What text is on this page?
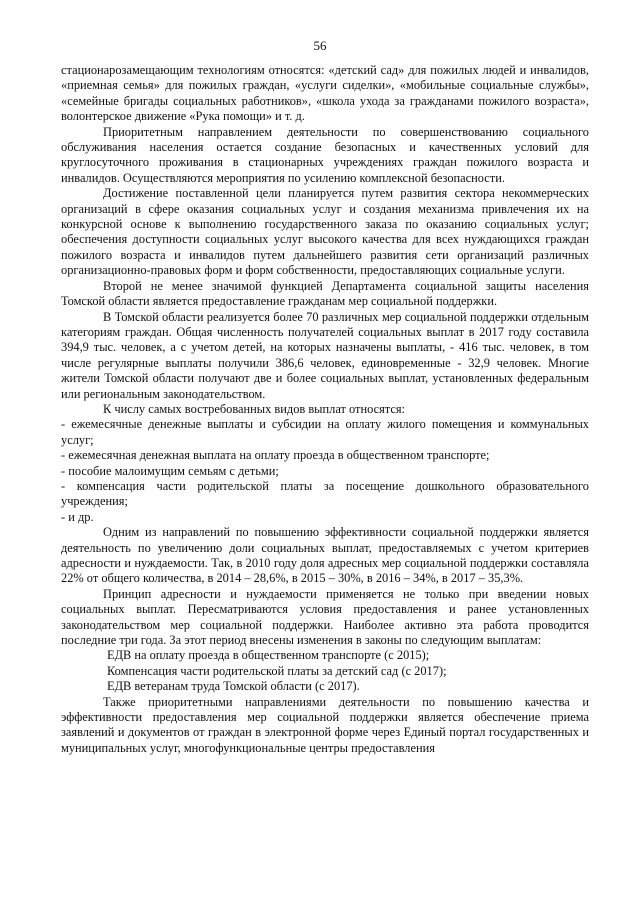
56

стационарозамещающим технологиям относятся: «детский сад» для пожилых людей и инвалидов, «приемная семья» для пожилых граждан, «услуги сиделки», «мобильные социальные службы», «семейные бригады социальных работников», «школа ухода за гражданами пожилого возраста», волонтерское движение «Рука помощи» и т. д.

Приоритетным направлением деятельности по совершенствованию социального обслуживания населения остается создание безопасных и качественных условий для круглосуточного проживания в стационарных учреждениях граждан пожилого возраста и инвалидов. Осуществляются мероприятия по усилению комплексной безопасности.

Достижение поставленной цели планируется путем развития сектора некоммерческих организаций в сфере оказания социальных услуг и создания механизма привлечения их на конкурсной основе к выполнению государственного заказа по оказанию социальных услуг; обеспечения доступности социальных услуг высокого качества для всех нуждающихся граждан пожилого возраста и инвалидов путем дальнейшего развития сети организаций различных организационно-правовых форм и форм собственности, предоставляющих социальные услуги.

Второй не менее значимой функцией Департамента социальной защиты населения Томской области является предоставление гражданам мер социальной поддержки.

В Томской области реализуется более 70 различных мер социальной поддержки отдельным категориям граждан. Общая численность получателей социальных выплат в 2017 году составила 394,9 тыс. человек, а с учетом детей, на которых назначены выплаты, - 416 тыс. человек, в том числе регулярные выплаты получили 386,6 человек, единовременные - 32,9 человек. Многие жители Томской области получают две и более социальных выплат, установленных федеральным или региональным законодательством.

К числу самых востребованных видов выплат относятся:

- ежемесячные денежные выплаты и субсидии на оплату жилого помещения и коммунальных услуг;

- ежемесячная денежная выплата на оплату проезда в общественном транспорте;

- пособие малоимущим семьям с детьми;

- компенсация части родительской платы за посещение дошкольного образовательного учреждения;

- и др.

Одним из направлений по повышению эффективности социальной поддержки является деятельность по увеличению доли социальных выплат, предоставляемых с учетом критериев адресности и нуждаемости. Так, в 2010 году доля адресных мер социальной поддержки составляла 22% от общего количества, в 2014 – 28,6%, в 2015 – 30%, в 2016 – 34%, в 2017 – 35,3%.

Принцип адресности и нуждаемости применяется не только при введении новых социальных выплат. Пересматриваются условия предоставления и ранее установленных законодательством мер социальной поддержки. Наиболее активно эта работа проводится последние три года. За этот период внесены изменения в законы по следующим выплатам:

ЕДВ на оплату проезда в общественном транспорте (с 2015);

Компенсация части родительской платы за детский сад (с 2017);

ЕДВ ветеранам труда Томской области (с 2017).

Также приоритетными направлениями деятельности по повышению качества и эффективности предоставления мер социальной поддержки является обеспечение приема заявлений и документов от граждан в электронной форме через Единый портал государственных и муниципальных услуг, многофункциональные центры предоставления
